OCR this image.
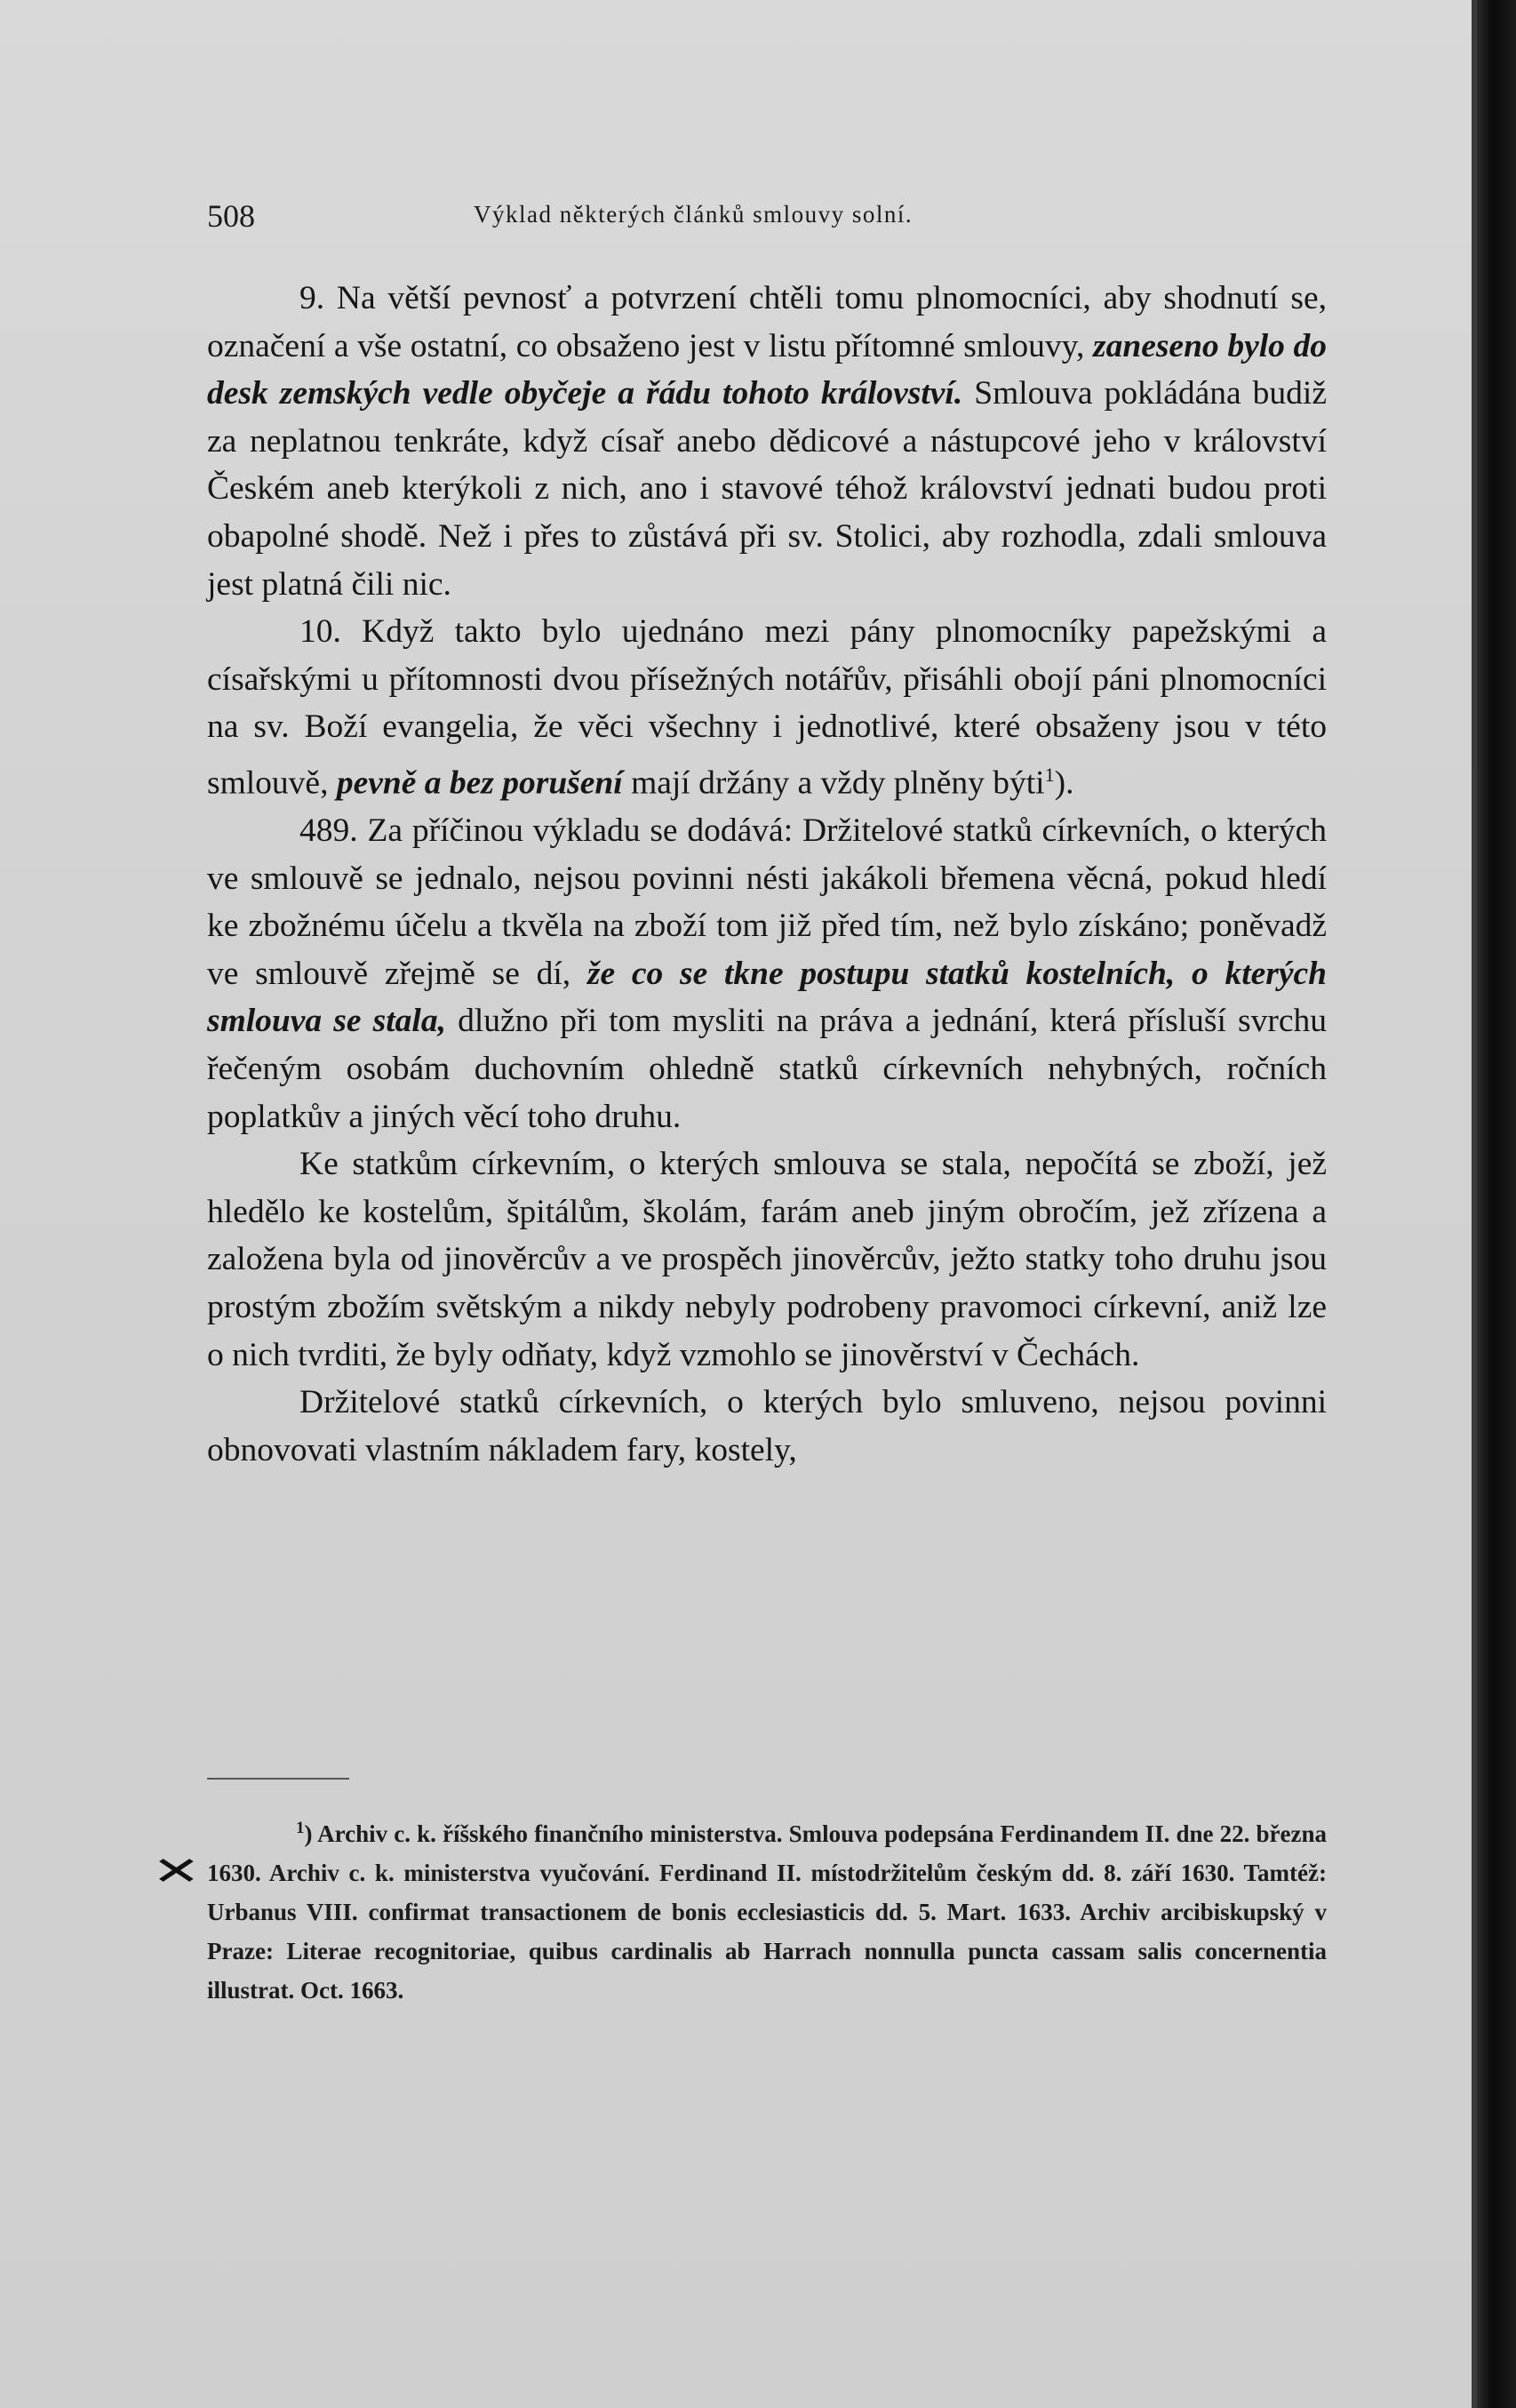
508	Výklad některých článků smlouvy solní.

9. Na větší pevnosť a potvrzení chtěli tomu plnomocníci, aby shodnutí se, označení a vše ostatní, co obsaženo jest v listu přítomné smlouvy, zaneseno bylo do desk zemských vedle obyčeje a řádu tohoto království. Smlouva pokládána budiž za neplatnou tenkráte, když císař anebo dědicové a nástupcové jeho v království Českém aneb kterýkoli z nich, ano i stavové téhož království jednati budou proti obapolné shodě. Než i přes to zůstává při sv. Stolici, aby rozhodla, zdali smlouva jest platná čili nic.

10. Když takto bylo ujednáno mezi pány plnomocníky papežskými a císařskými u přítomnosti dvou přísežných notářův, přisáhli obojí páni plnomocníci na sv. Boží evangelia, že věci všechny i jednotlivé, které obsaženy jsou v této smlouvě, pevně a bez porušení mají držány a vždy plněny býti$^1$).

489. Za příčinou výkladu se dodává: Držitelové statků církevních, o kterých ve smlouvě se jednalo, nejsou povinni nésti jakákoli břemena věcná, pokud hledí ke zbožnému účelu a tkvěla na zboží tom již před tím, než bylo získáno; poněvadž ve smlouvě zřejmě se dí, že co se tkne postupu statků kostelních, o kterých smlouva se stala, dlužno při tom mysliti na práva a jednání, která přísluší svrchu řečeným osobám duchovním ohledně statků církevních nehybných, ročních poplatkův a jiných věcí toho druhu.

Ke statkům církevním, o kterých smlouva se stala, nepočítá se zboží, jež hledělo ke kostelům, špitálům, školám, farám aneb jiným obročím, jež zřízena a založena byla od jinověrcův a ve prospěch jinověrcův, ježto statky toho druhu jsou prostým zbožím světským a nikdy nebyly podrobeny pravomoci církevní, aniž lze o nich tvrditi, že byly odňaty, když vzmohlo se jinověrství v Čechách.

Držitelové statků církevních, o kterých bylo smluveno, nejsou povinni obnovovati vlastním nákladem fary, kostely,

$^1$) Archiv c. k. říšského finančního ministerstva. Smlouva podepsána Ferdinandem II. dne 22. března 1630. Archiv c. k. ministerstva vyučování. Ferdinand II. místodržitelům českým dd. 8. září 1630. Tamtéž: Urbanus VIII. confirmat transactionem de bonis ecclesiasticis dd. 5. Mart. 1633. Archiv arcibiskupský v Praze: Literae recognitoriae, quibus cardinalis ab Harrach nonnulla puncta cassam salis concernentia illustrat. Oct. 1663.

✕
